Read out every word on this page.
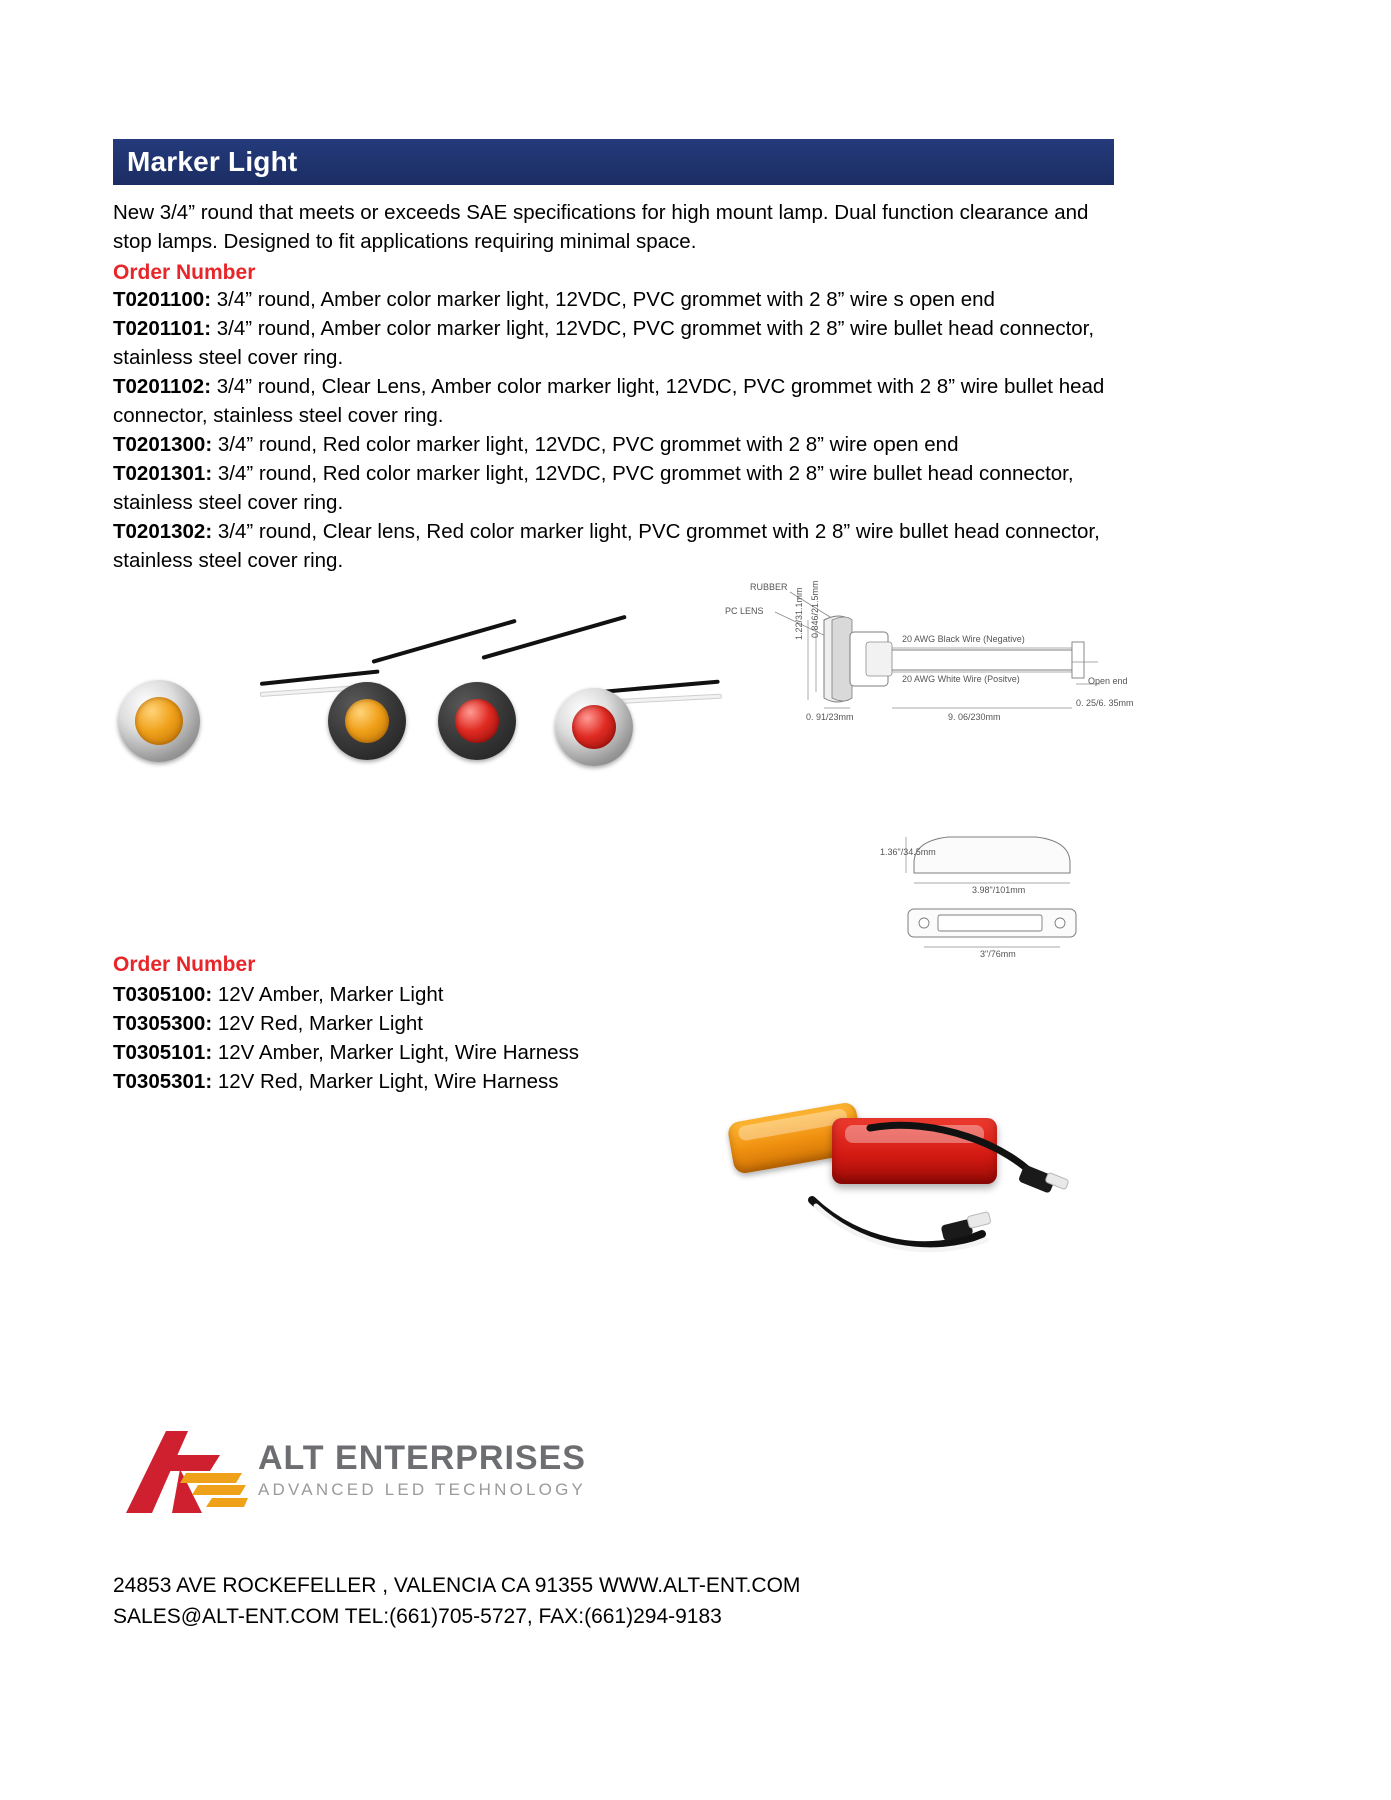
Marker Light
New 3/4” round that meets or exceeds SAE specifications for high mount lamp. Dual function clearance and stop lamps. Designed to fit applications requiring minimal space.
Order Number

T0201100: 3/4” round, Amber color marker light, 12VDC, PVC grommet with 2 8” wire s open end

T0201101: 3/4” round, Amber color marker light, 12VDC, PVC grommet with 2 8” wire bullet head connector, stainless steel cover ring.

T0201102: 3/4” round, Clear Lens, Amber color marker light, 12VDC, PVC grommet with 2 8” wire bullet head connector, stainless steel cover ring.

T0201300: 3/4” round, Red color marker light, 12VDC, PVC grommet with 2 8” wire open end

T0201301: 3/4” round, Red color marker light, 12VDC, PVC grommet with 2 8” wire bullet head connector, stainless steel cover ring.

T0201302: 3/4” round, Clear lens, Red color marker light, PVC grommet with 2 8” wire bullet head connector, stainless steel cover ring.

RUBBER
PC LENS
20 AWG Black Wire (Negative)
20 AWG White Wire (Positve)	Open end
1.22/31.1mm 0.846/21.5mm
0. 91/23mm	9. 06/230mm
0. 25/6. 35mm
1.36"/34.5mm
3.98"/101mm
3"/76mm
Order Number

T0305100: 12V Amber, Marker Light

T0305300: 12V Red, Marker Light

T0305101: 12V Amber, Marker Light, Wire Harness

T0305301: 12V Red, Marker Light, Wire Harness

ALT ENTERPRISES
ADVANCED LED TECHNOLOGY
24853 AVE ROCKEFELLER , VALENCIA CA 91355 WWW.ALT-ENT.COM
SALES@ALT-ENT.COM TEL:(661)705-5727, FAX:(661)294-9183
